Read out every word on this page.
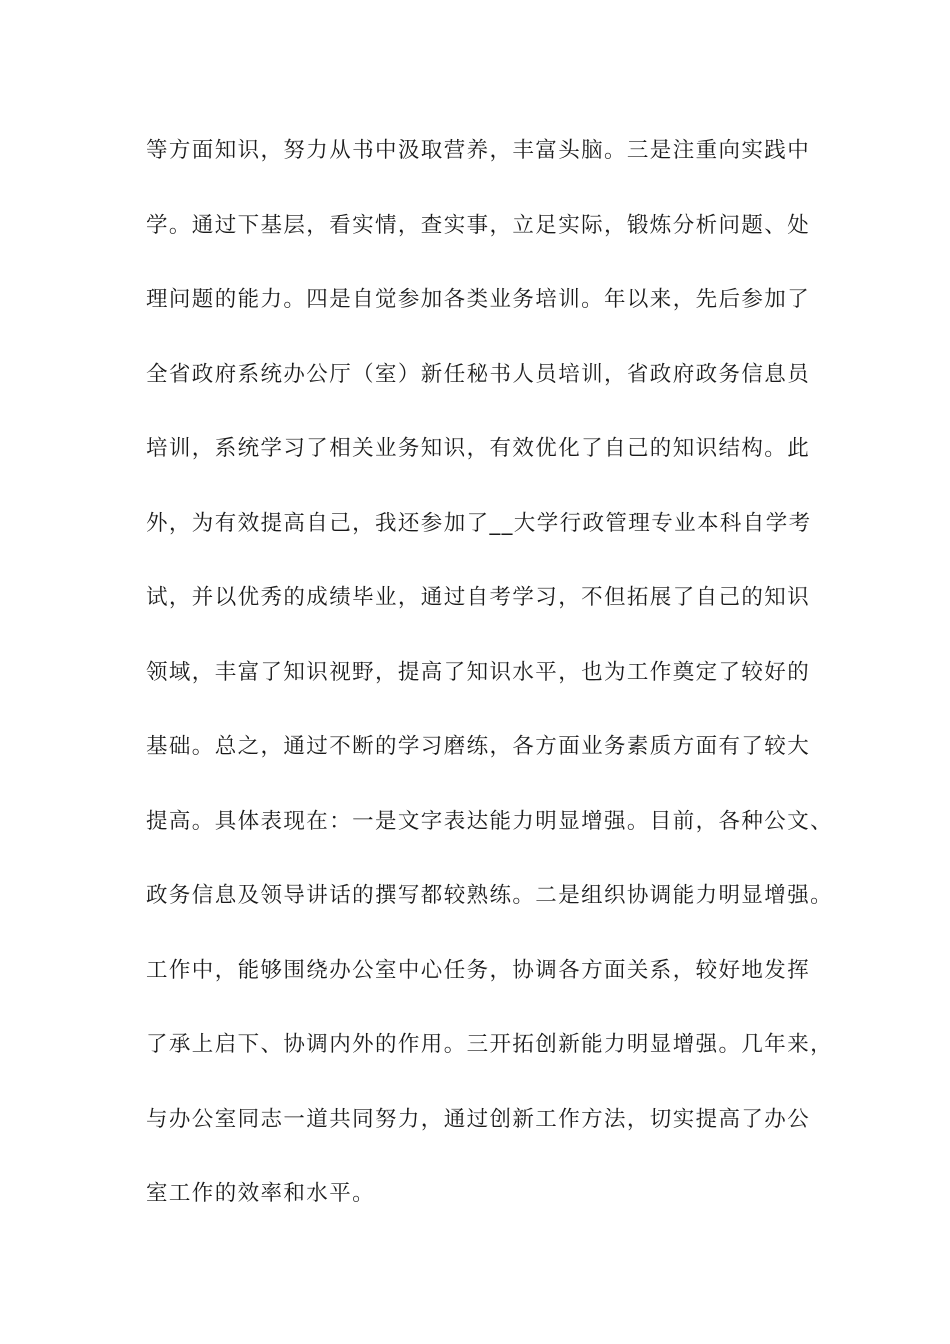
等方面知识，努力从书中汲取营养，丰富头脑。三是注重向实践中
学。通过下基层，看实情，查实事，立足实际，锻炼分析问题、处
理问题的能力。四是自觉参加各类业务培训。年以来，先后参加了
全省政府系统办公厅（室）新任秘书人员培训，省政府政务信息员
培训，系统学习了相关业务知识，有效优化了自己的知识结构。此
外，为有效提高自己，我还参加了__大学行政管理专业本科自学考
试，并以优秀的成绩毕业，通过自考学习，不但拓展了自己的知识
领域，丰富了知识视野，提高了知识水平，也为工作奠定了较好的
基础。总之，通过不断的学习磨练，各方面业务素质方面有了较大
提高。具体表现在：一是文字表达能力明显增强。目前，各种公文、
政务信息及领导讲话的撰写都较熟练。二是组织协调能力明显增强。
工作中，能够围绕办公室中心任务，协调各方面关系，较好地发挥
了承上启下、协调内外的作用。三开拓创新能力明显增强。几年来，
与办公室同志一道共同努力，通过创新工作方法，切实提高了办公
室工作的效率和水平。
